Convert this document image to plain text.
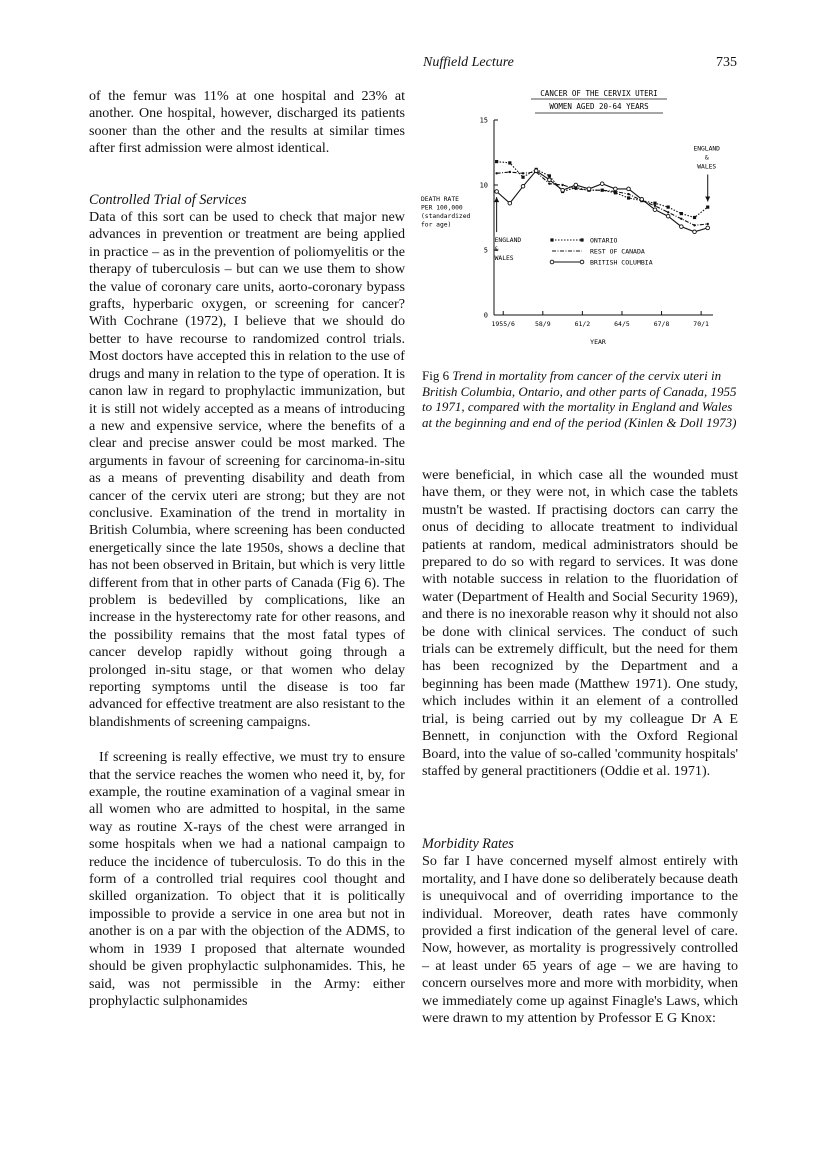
Nuffield Lecture	735

of the femur was 11% at one hospital and 23% at another. One hospital, however, discharged its patients sooner than the other and the results at similar times after first admission were almost identical.

Controlled Trial of Services

Data of this sort can be used to check that major new advances in prevention or treatment are being applied in practice – as in the prevention of poliomyelitis or the therapy of tuberculosis – but can we use them to show the value of coronary care units, aorto-coronary bypass grafts, hyperbaric oxygen, or screening for cancer? With Cochrane (1972), I believe that we should do better to have recourse to randomized control trials. Most doctors have accepted this in relation to the use of drugs and many in relation to the type of operation. It is canon law in regard to prophylactic immunization, but it is still not widely accepted as a means of introducing a new and expensive service, where the benefits of a clear and precise answer could be most marked. The arguments in favour of screening for carcinoma-in-situ as a means of preventing disability and death from cancer of the cervix uteri are strong; but they are not conclusive. Examination of the trend in mortality in British Columbia, where screening has been conducted energetically since the late 1950s, shows a decline that has not been observed in Britain, but which is very little different from that in other parts of Canada (Fig 6). The problem is bedevilled by complications, like an increase in the hysterectomy rate for other reasons, and the possibility remains that the most fatal types of cancer develop rapidly without going through a prolonged in-situ stage, or that women who delay reporting symptoms until the disease is too far advanced for effective treatment are also resistant to the blandishments of screening campaigns.

If screening is really effective, we must try to ensure that the service reaches the women who need it, by, for example, the routine examination of a vaginal smear in all women who are admitted to hospital, in the same way as routine X-rays of the chest were arranged in some hospitals when we had a national campaign to reduce the incidence of tuberculosis. To do this in the form of a controlled trial requires cool thought and skilled organization. To object that it is politically impossible to provide a service in one area but not in another is on a par with the objection of the ADMS, to whom in 1939 I proposed that alternate wounded should be given prophylactic sulphonamides. This, he said, was not permissible in the Army: either prophylactic sulphonamides

CANCER OF THE CERVIX UTERI
WOMEN AGED 20-64 YEARS
0
5
10
15
DEATH RATE
PER 100,000
(standardized
for age)
1955/6	58/9	61/2	64/5	67/8	70/1
YEAR
ONTARIO
REST OF CANADA
BRITISH COLUMBIA
ENGLAND
&
WALES
ENGLAND
&
WALES
Fig 6 Trend in mortality from cancer of the cervix uteri in British Columbia, Ontario, and other parts of Canada, 1955 to 1971, compared with the mortality in England and Wales at the beginning and end of the period (Kinlen & Doll 1973)

were beneficial, in which case all the wounded must have them, or they were not, in which case the tablets mustn't be wasted. If practising doctors can carry the onus of deciding to allocate treatment to individual patients at random, medical administrators should be prepared to do so with regard to services. It was done with notable success in relation to the fluoridation of water (Department of Health and Social Security 1969), and there is no inexorable reason why it should not also be done with clinical services. The conduct of such trials can be extremely difficult, but the need for them has been recognized by the Department and a beginning has been made (Matthew 1971). One study, which includes within it an element of a controlled trial, is being carried out by my colleague Dr A E Bennett, in conjunction with the Oxford Regional Board, into the value of so-called 'community hospitals' staffed by general practitioners (Oddie et al. 1971).

Morbidity Rates

So far I have concerned myself almost entirely with mortality, and I have done so deliberately because death is unequivocal and of overriding importance to the individual. Moreover, death rates have commonly provided a first indication of the general level of care. Now, however, as mortality is progressively controlled – at least under 65 years of age – we are having to concern ourselves more and more with morbidity, when we immediately come up against Finagle's Laws, which were drawn to my attention by Professor E G Knox:
